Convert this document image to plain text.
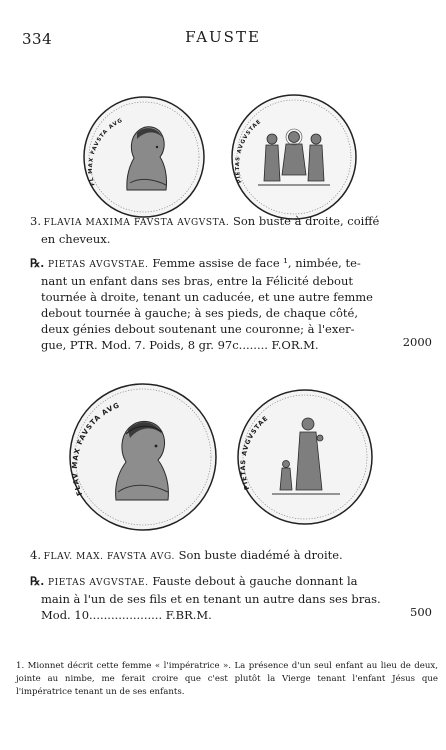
334	FAUSTE
FL MAX FAVSTA AVG
PIETAS AVGVSTAE
3. FLAVIA MAXIMA FAVSTA AVGVSTA. Son buste à droite, coiffé
en cheveux.
℞. PIETAS AVGVSTAE. Femme assise de face ¹, nimbée, te-
nant un enfant dans ses bras, entre la Félicité debout
tournée à droite, tenant un caducée, et une autre femme
debout tournée à gauche; à ses pieds, de chaque côté,
deux génies debout soutenant une couronne; à l'exer-
gue, PTR. Mod. 7. Poids, 8 gr. 97c........ F.OR.M.	2000
FLAV MAX FAVSTA AVG
PIETAS AVGVSTAE
4. FLAV. MAX. FAVSTA AVG. Son buste diadémé à droite.
℞. PIETAS AVGVSTAE. Fauste debout à gauche donnant la
main à l'un de ses fils et en tenant un autre dans ses bras.
Mod. 10.................... F.BR.M.	500
1. Mionnet décrit cette femme « l'impératrice ». La présence d'un seul enfant au lieu de deux, jointe au nimbe, me ferait croire que c'est plutôt la Vierge tenant l'enfant Jésus que l'impératrice tenant un de ses enfants.
